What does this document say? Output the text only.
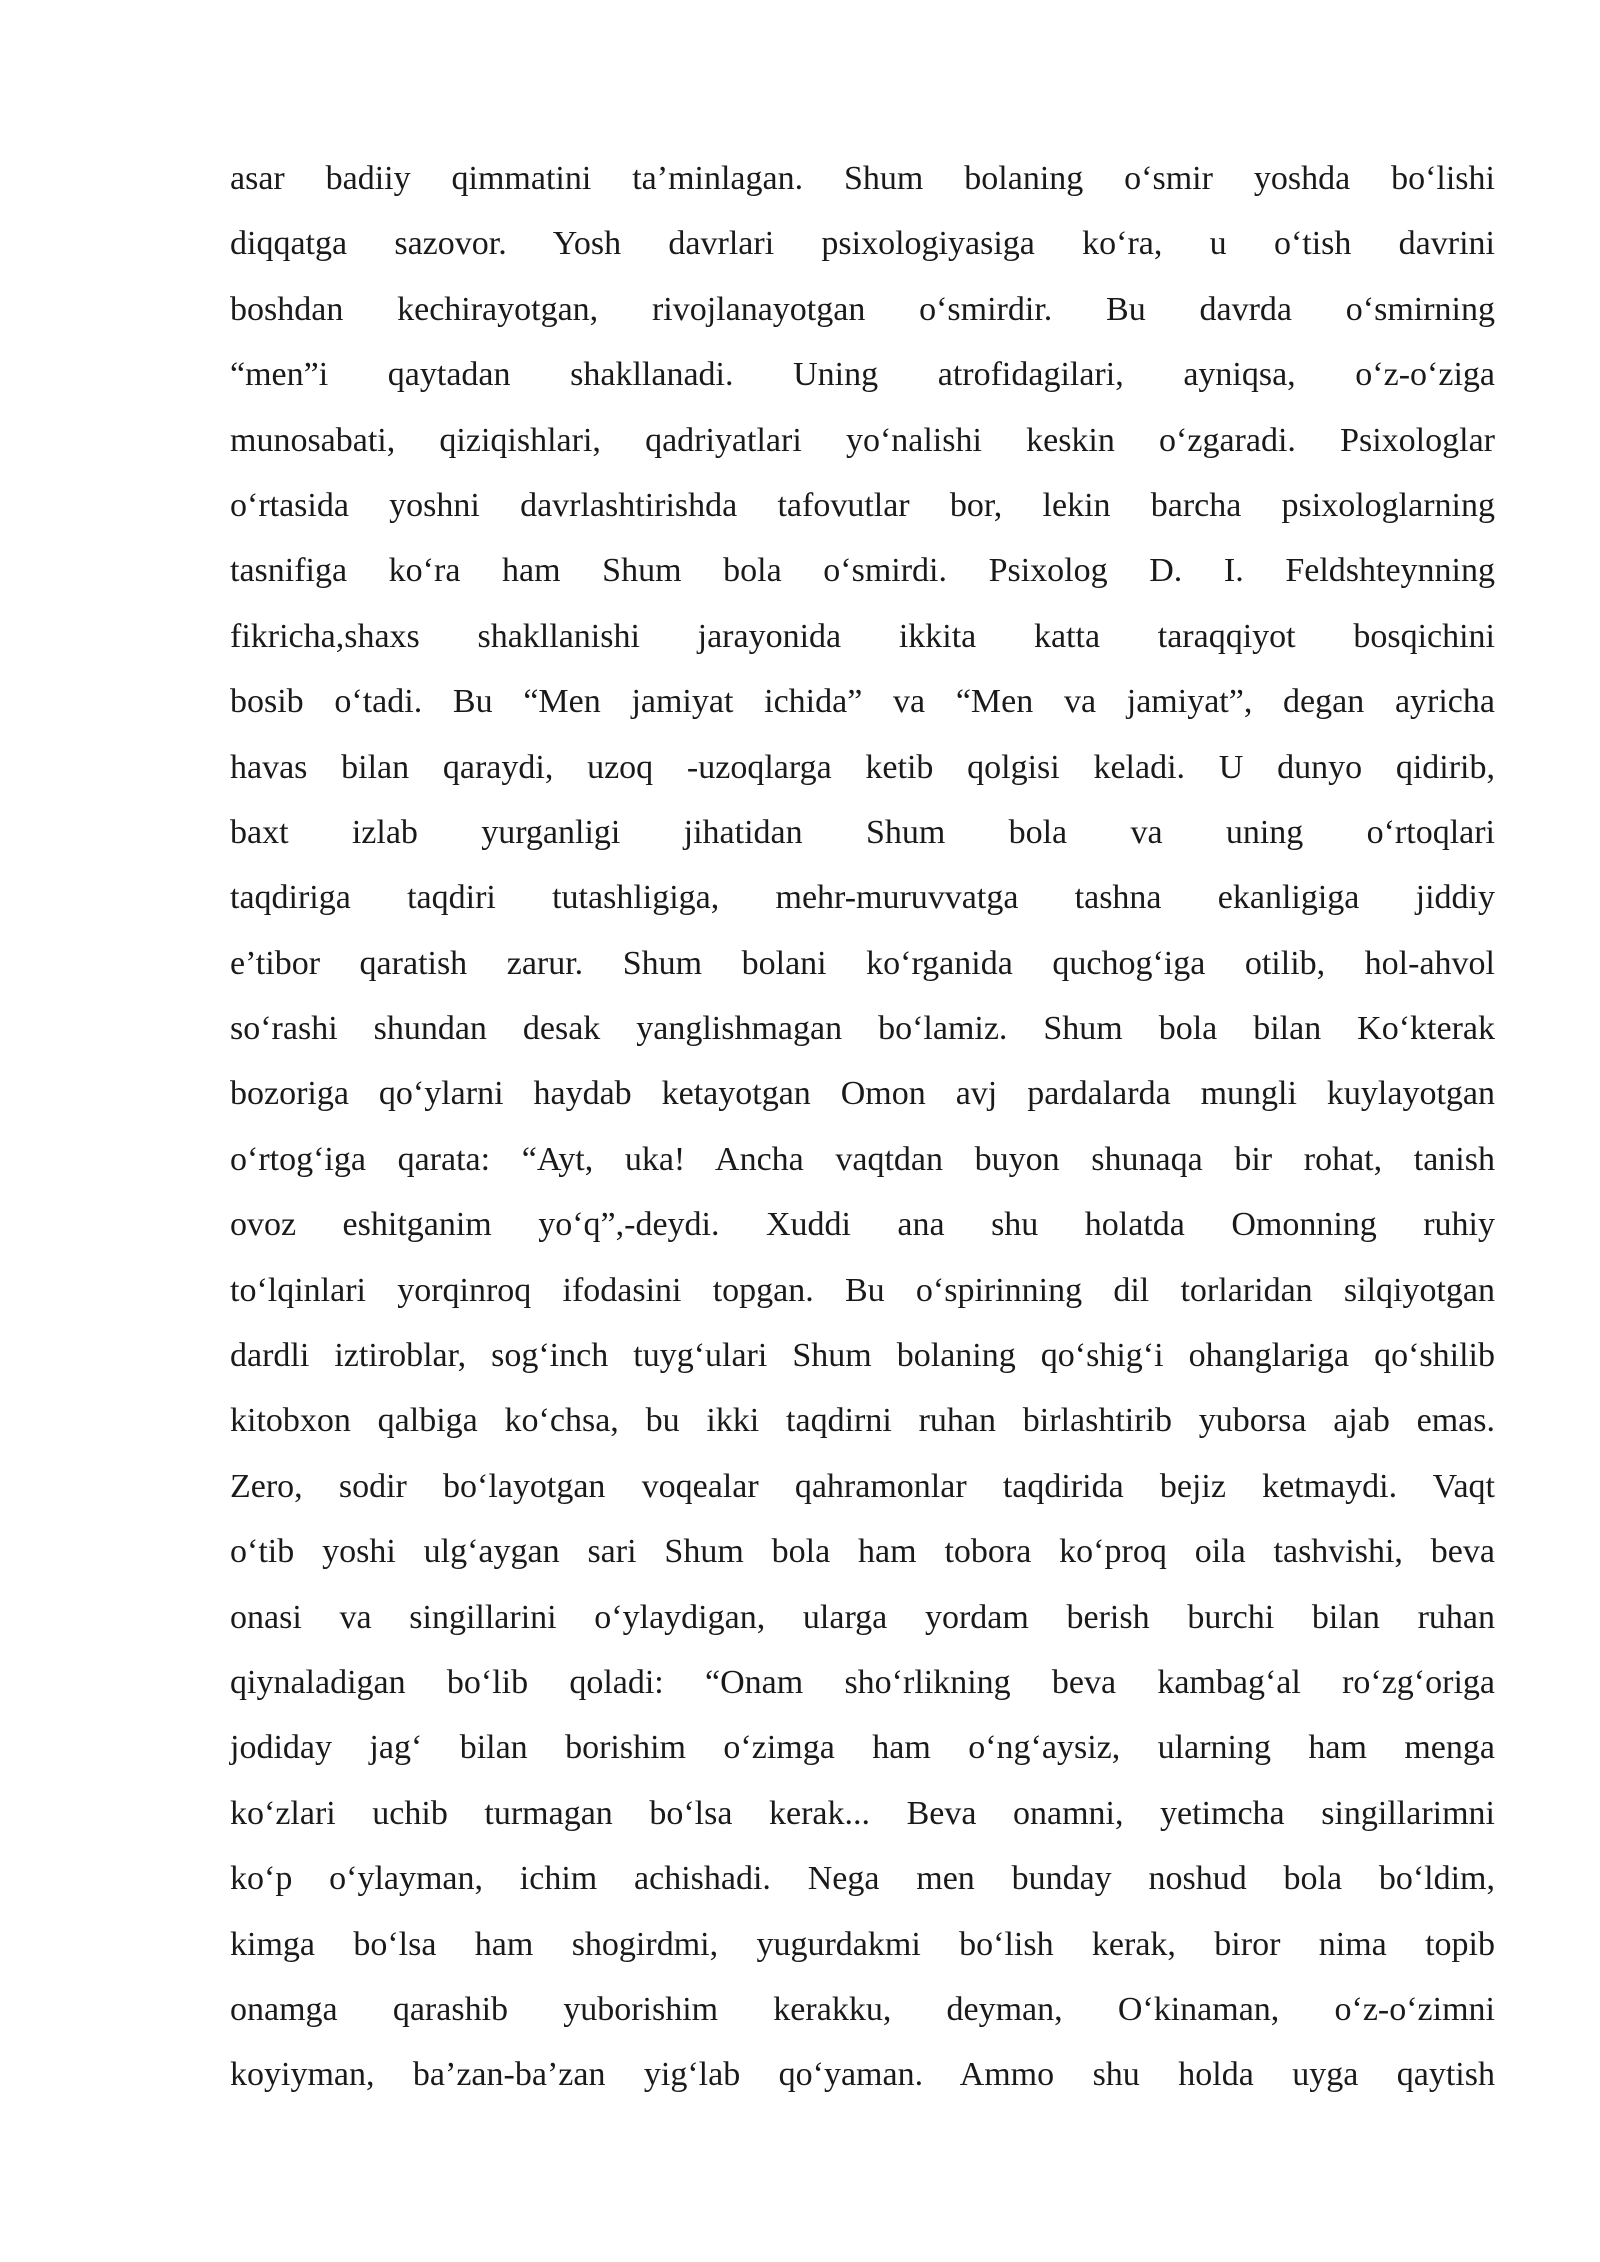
asar badiiy qimmatini ta’minlagan. Shum bolaning o‘smir yoshda bo‘lishi
diqqatga sazovor. Yosh davrlari psixologiyasiga ko‘ra, u o‘tish davrini
boshdan kechirayotgan, rivojlanayotgan o‘smirdir. Bu davrda o‘smirning
“men”i qaytadan shakllanadi. Uning atrofidagilari, ayniqsa, o‘z-o‘ziga
munosabati, qiziqishlari, qadriyatlari yo‘nalishi keskin o‘zgaradi. Psixologlar
o‘rtasida yoshni davrlashtirishda tafovutlar bor, lekin barcha psixologlarning
tasnifiga ko‘ra ham Shum bola o‘smirdi. Psixolog D. I. Feldshteynning
fikricha,shaxs shakllanishi jarayonida ikkita katta taraqqiyot bosqichini
bosib o‘tadi. Bu “Men jamiyat ichida” va “Men va jamiyat”, degan ayricha
havas bilan qaraydi, uzoq -uzoqlarga ketib qolgisi keladi. U dunyo qidirib,
baxt izlab yurganligi jihatidan Shum bola va uning o‘rtoqlari
taqdiriga taqdiri tutashligiga, mehr-muruvvatga tashna ekanligiga jiddiy
e’tibor qaratish zarur. Shum bolani ko‘rganida quchog‘iga otilib, hol-ahvol
so‘rashi shundan desak yanglishmagan bo‘lamiz. Shum bola bilan Ko‘kterak
bozoriga qo‘ylarni haydab ketayotgan Omon avj pardalarda mungli kuylayotgan
o‘rtog‘iga qarata: “Ayt, uka! Ancha vaqtdan buyon shunaqa bir rohat, tanish
ovoz eshitganim yo‘q”,-deydi. Xuddi ana shu holatda Omonning ruhiy
to‘lqinlari yorqinroq ifodasini topgan. Bu o‘spirinning dil torlaridan silqiyotgan
dardli iztiroblar, sog‘inch tuyg‘ulari Shum bolaning qo‘shig‘i ohanglariga qo‘shilib
kitobxon qalbiga ko‘chsa, bu ikki taqdirni ruhan birlashtirib yuborsa ajab emas.
Zero, sodir bo‘layotgan voqealar qahramonlar taqdirida bejiz ketmaydi. Vaqt
o‘tib yoshi ulg‘aygan sari Shum bola ham tobora ko‘proq oila tashvishi, beva
onasi va singillarini o‘ylaydigan, ularga yordam berish burchi bilan ruhan
qiynaladigan bo‘lib qoladi: “Onam sho‘rlikning beva kambag‘al ro‘zg‘origa
jodiday jag‘ bilan borishim o‘zimga ham o‘ng‘aysiz, ularning ham menga
ko‘zlari uchib turmagan bo‘lsa kerak... Beva onamni, yetimcha singillarimni
ko‘p o‘ylayman, ichim achishadi. Nega men bunday noshud bola bo‘ldim,
kimga bo‘lsa ham shogirdmi, yugurdakmi bo‘lish kerak, biror nima topib
onamga qarashib yuborishim kerakku, deyman, O‘kinaman, o‘z-o‘zimni
koyiyman, ba’zan-ba’zan yig‘lab qo‘yaman. Ammo shu holda uyga qaytish
